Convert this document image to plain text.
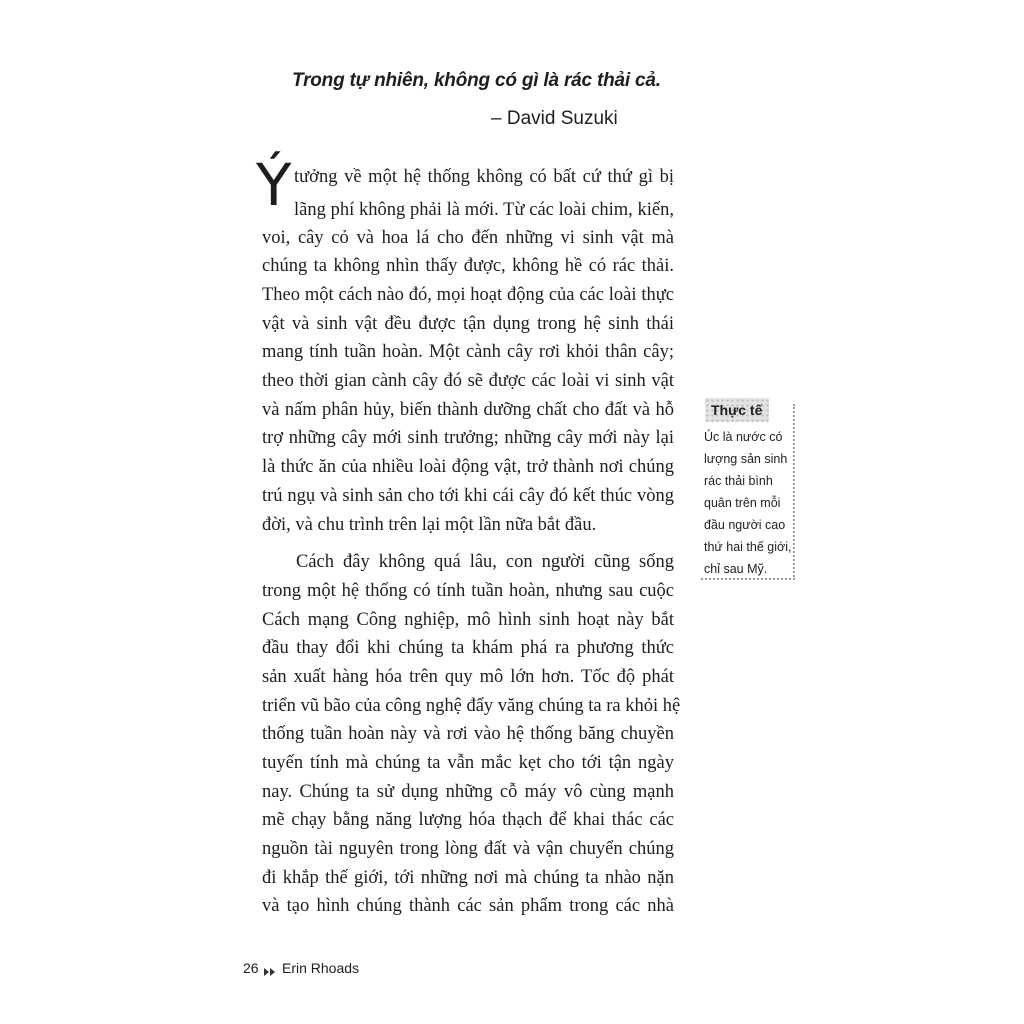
Trong tự nhiên, không có gì là rác thải cả.
– David Suzuki
Ý tưởng về một hệ thống không có bất cứ thứ gì bị
lãng phí không phải là mới. Từ các loài chim, kiến,
voi, cây cỏ và hoa lá cho đến những vi sinh vật mà
chúng ta không nhìn thấy được, không hề có rác thải.
Theo một cách nào đó, mọi hoạt động của các loài thực
vật và sinh vật đều được tận dụng trong hệ sinh thái
mang tính tuần hoàn. Một cành cây rơi khỏi thân cây;
theo thời gian cành cây đó sẽ được các loài vi sinh vật
và nấm phân hủy, biến thành dưỡng chất cho đất và hỗ
trợ những cây mới sinh trưởng; những cây mới này lại
là thức ăn của nhiều loài động vật, trở thành nơi chúng
trú ngụ và sinh sản cho tới khi cái cây đó kết thúc vòng
đời, và chu trình trên lại một lần nữa bắt đầu.
Cách đây không quá lâu, con người cũng sống
trong một hệ thống có tính tuần hoàn, nhưng sau cuộc
Cách mạng Công nghiệp, mô hình sinh hoạt này bắt
đầu thay đổi khi chúng ta khám phá ra phương thức
sản xuất hàng hóa trên quy mô lớn hơn. Tốc độ phát
triển vũ bão của công nghệ đẩy văng chúng ta ra khỏi hệ
thống tuần hoàn này và rơi vào hệ thống băng chuyền
tuyến tính mà chúng ta vẫn mắc kẹt cho tới tận ngày
nay. Chúng ta sử dụng những cỗ máy vô cùng mạnh
mẽ chạy bằng năng lượng hóa thạch để khai thác các
nguồn tài nguyên trong lòng đất và vận chuyển chúng
đi khắp thế giới, tới những nơi mà chúng ta nhào nặn
và tạo hình chúng thành các sản phẩm trong các nhà
Thực tế
Úc là nước có
lượng sản sinh
rác thải bình
quân trên mỗi
đầu người cao
thứ hai thế giới,
chỉ sau Mỹ.
26 Erin Rhoads
